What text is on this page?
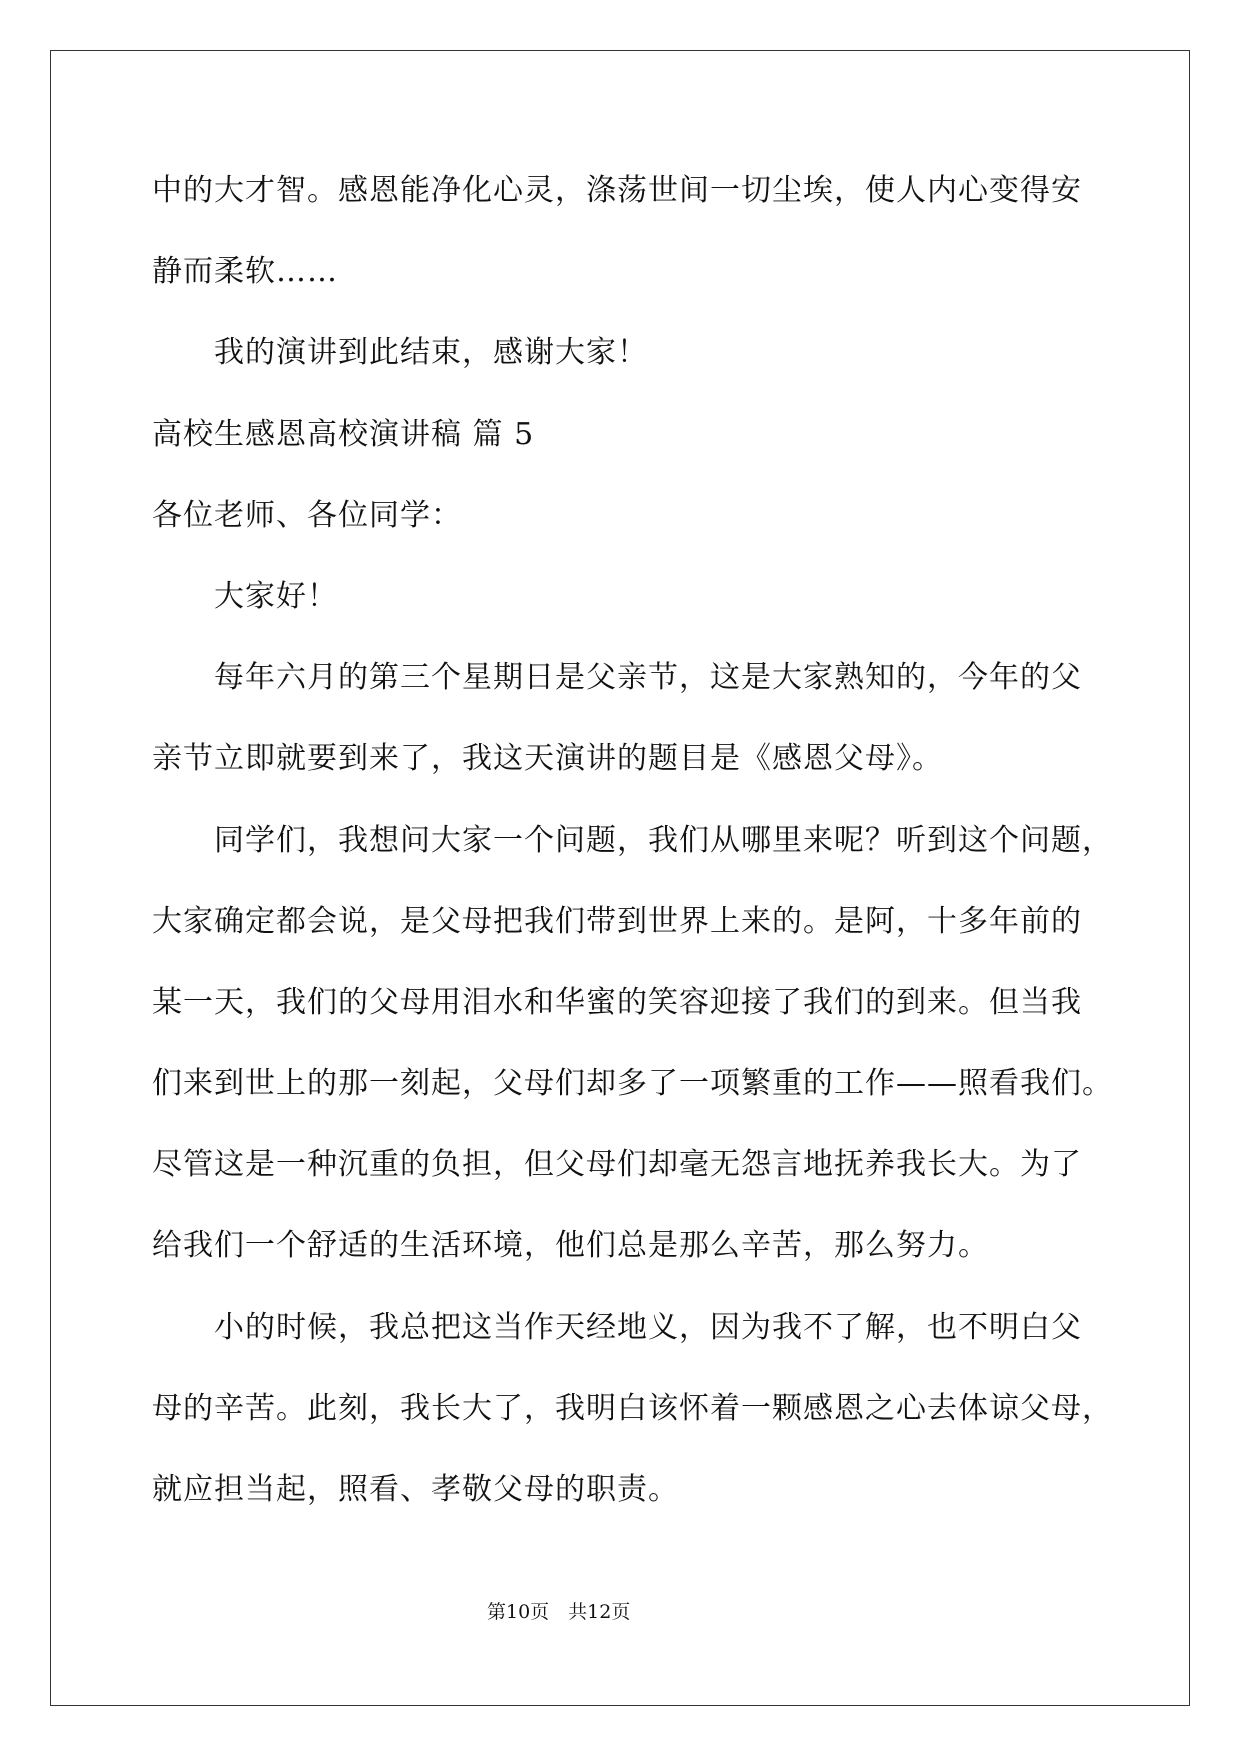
中的大才智。感恩能净化心灵，涤荡世间一切尘埃，使人内心变得安
静而柔软……
我的演讲到此结束，感谢大家！
高校生感恩高校演讲稿 篇 5
各位老师、各位同学：
大家好！
每年六月的第三个星期日是父亲节，这是大家熟知的，今年的父
亲节立即就要到来了，我这天演讲的题目是《感恩父母》。
同学们，我想问大家一个问题，我们从哪里来呢？听到这个问题，
大家确定都会说，是父母把我们带到世界上来的。是阿，十多年前的
某一天，我们的父母用泪水和华蜜的笑容迎接了我们的到来。但当我
们来到世上的那一刻起，父母们却多了一项繁重的工作——照看我们。
尽管这是一种沉重的负担，但父母们却毫无怨言地抚养我长大。为了
给我们一个舒适的生活环境，他们总是那么辛苦，那么努力。
小的时候，我总把这当作天经地义，因为我不了解，也不明白父
母的辛苦。此刻，我长大了，我明白该怀着一颗感恩之心去体谅父母，
就应担当起，照看、孝敬父母的职责。
第10页　共12页
